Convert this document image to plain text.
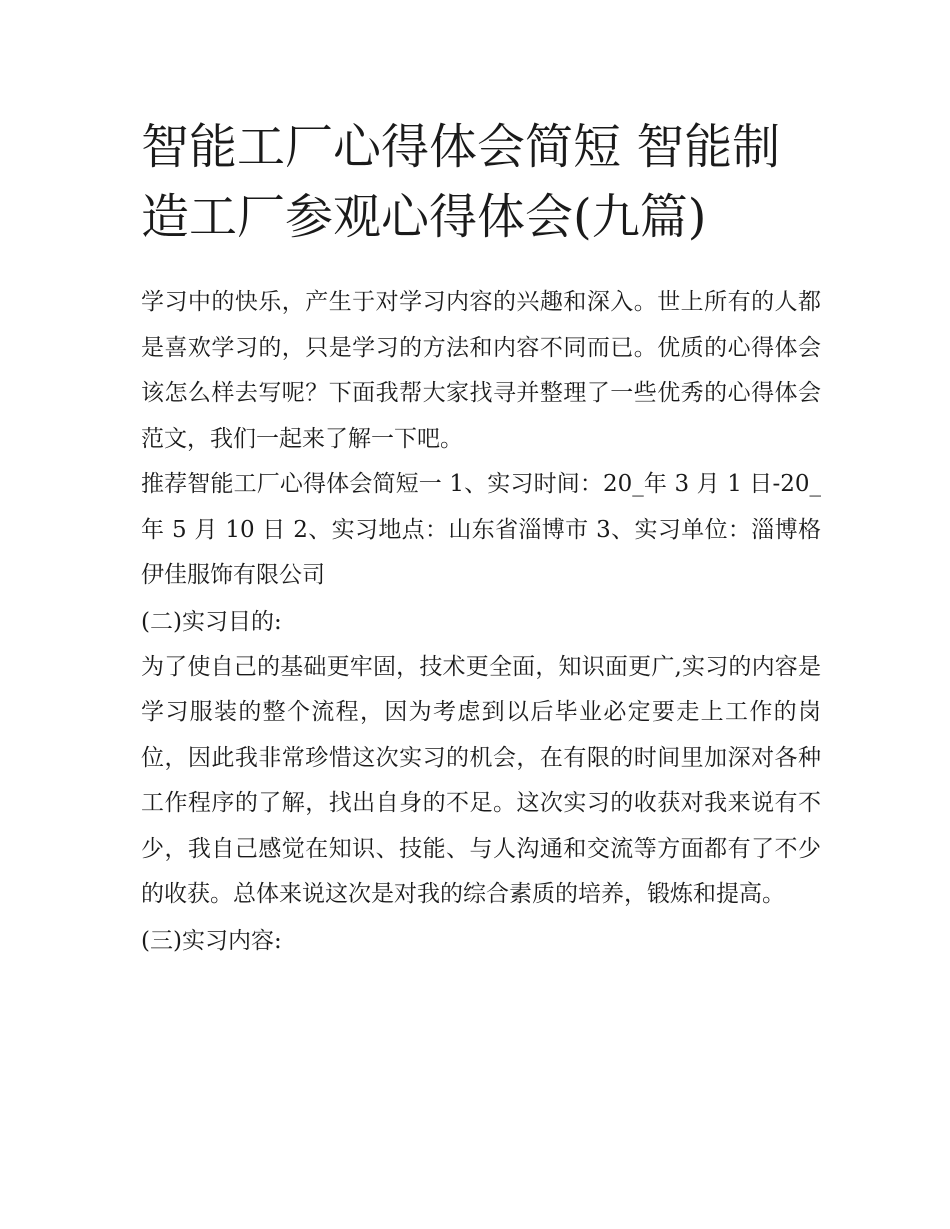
智能工厂心得体会简短 智能制
造工厂参观心得体会(九篇)

学习中的快乐，产生于对学习内容的兴趣和深入。世上所有的人都是喜欢学习的，只是学习的方法和内容不同而已。优质的心得体会该怎么样去写呢？下面我帮大家找寻并整理了一些优秀的心得体会范文，我们一起来了解一下吧。

推荐智能工厂心得体会简短一 1、实习时间：20_年 3 月 1 日-20_年 5 月 10 日 2、实习地点：山东省淄博市 3、实习单位：淄博格伊佳服饰有限公司

(二)实习目的:

为了使自己的基础更牢固，技术更全面，知识面更广,实习的内容是学习服装的整个流程，因为考虑到以后毕业必定要走上工作的岗位，因此我非常珍惜这次实习的机会，在有限的时间里加深对各种工作程序的了解，找出自身的不足。这次实习的收获对我来说有不少，我自己感觉在知识、技能、与人沟通和交流等方面都有了不少的收获。总体来说这次是对我的综合素质的培养，锻炼和提高。

(三)实习内容:
